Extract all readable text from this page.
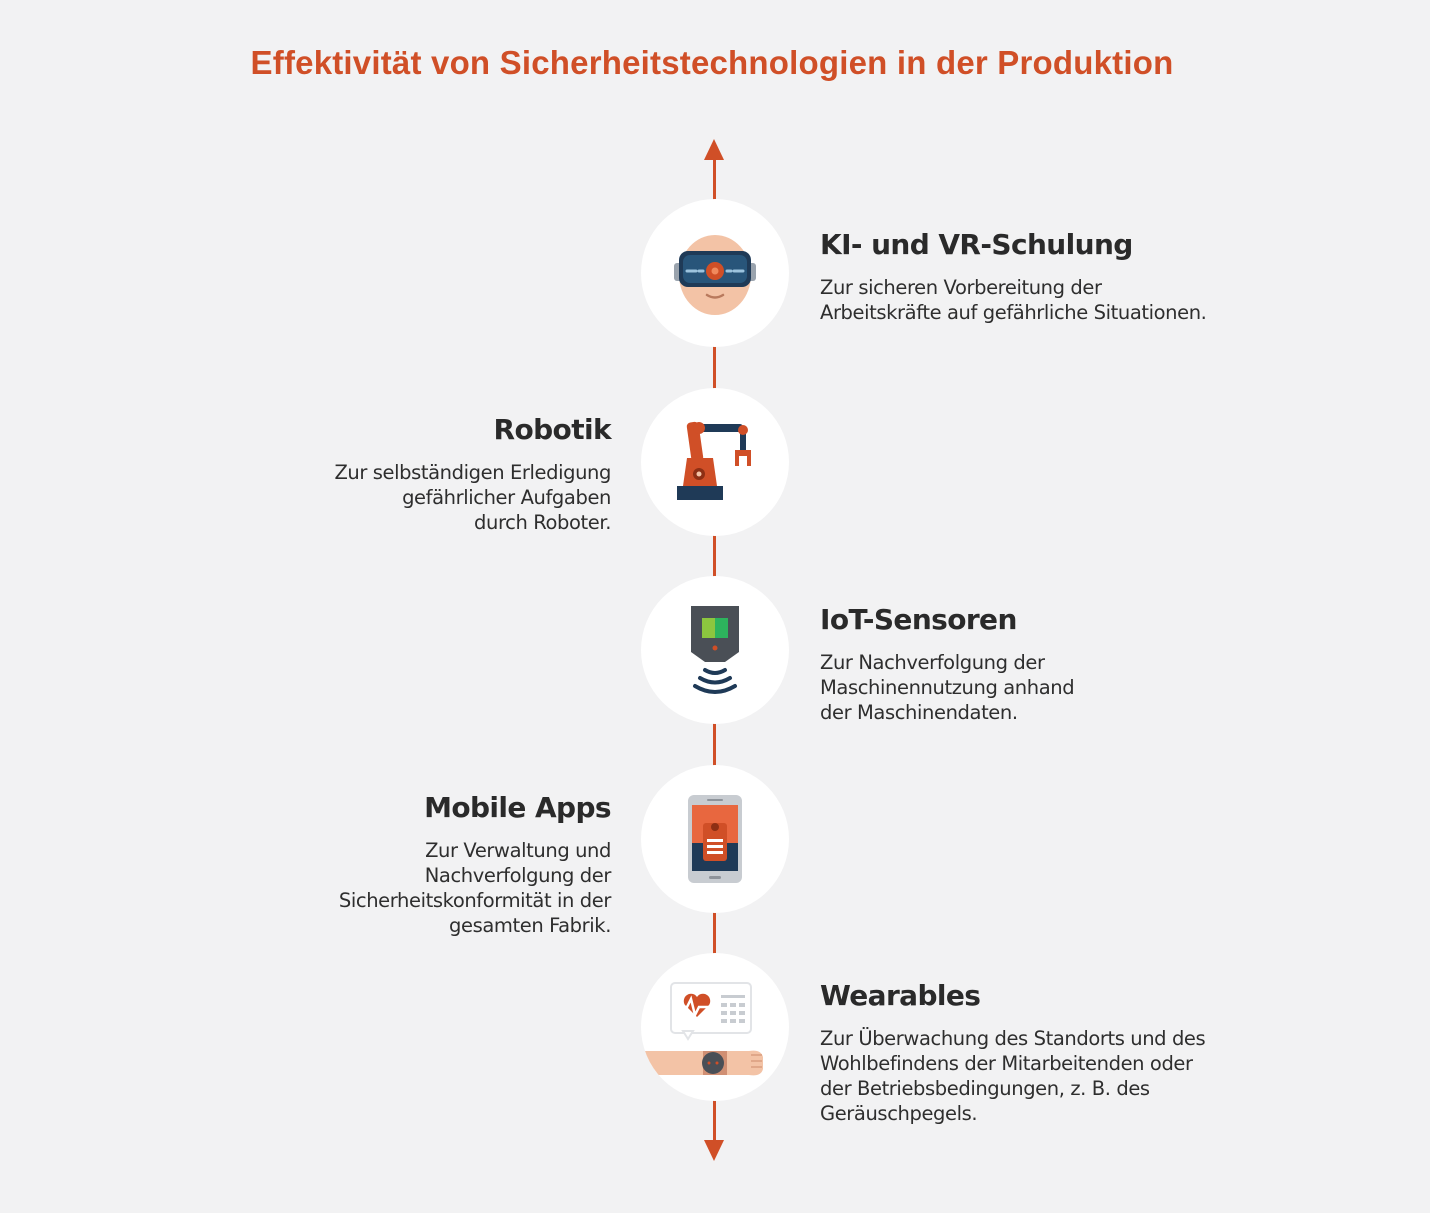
Effektivität von Sicherheitstechnologien in der Produktion
KI- und VR-Schulung

Zur sicheren Vorbereitung der
Arbeitskräfte auf gefährliche Situationen.

Robotik

Zur selbständigen Erledigung
gefährlicher Aufgaben
durch Roboter.

IoT-Sensoren

Zur Nachverfolgung der
Maschinennutzung anhand
der Maschinendaten.

Mobile Apps

Zur Verwaltung und
Nachverfolgung der
Sicherheitskonformität in der
gesamten Fabrik.

Wearables

Zur Überwachung des Standorts und des
Wohlbefindens der Mitarbeitenden oder
der Betriebsbedingungen, z. B. des
Geräuschpegels.
